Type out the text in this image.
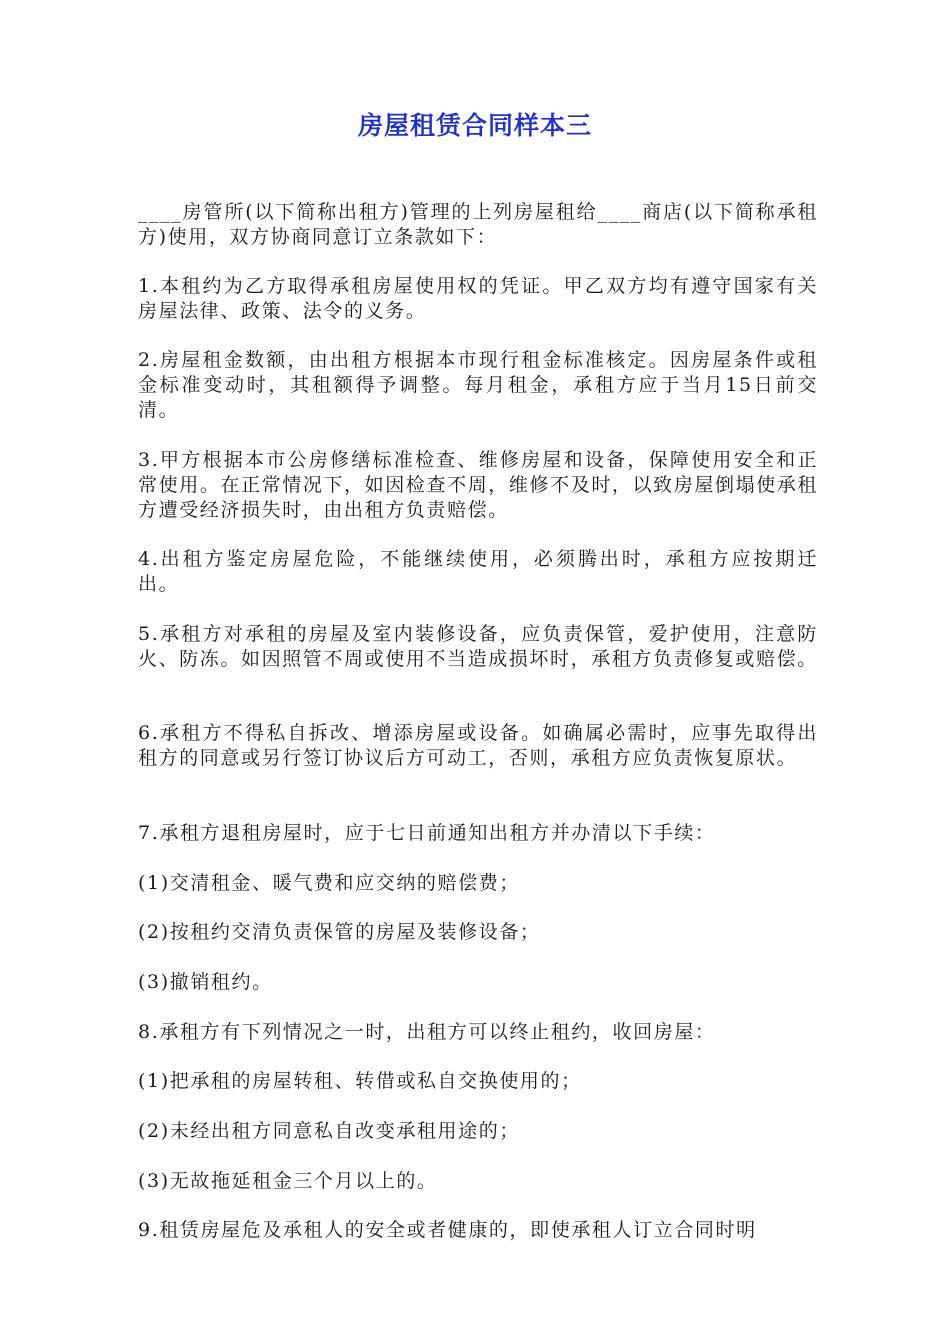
房屋租赁合同样本三

____房管所(以下简称出租方)管理的上列房屋租给____商店(以下简称承租方)使用，双方协商同意订立条款如下：

1.本租约为乙方取得承租房屋使用权的凭证。甲乙双方均有遵守国家有关房屋法律、政策、法令的义务。

2.房屋租金数额，由出租方根据本市现行租金标准核定。因房屋条件或租金标准变动时，其租额得予调整。每月租金，承租方应于当月15日前交清。

3.甲方根据本市公房修缮标准检查、维修房屋和设备，保障使用安全和正常使用。在正常情况下，如因检查不周，维修不及时，以致房屋倒塌使承租方遭受经济损失时，由出租方负责赔偿。

4.出租方鉴定房屋危险，不能继续使用，必须腾出时，承租方应按期迁出。

5.承租方对承租的房屋及室内装修设备，应负责保管，爱护使用，注意防火、防冻。如因照管不周或使用不当造成损坏时，承租方负责修复或赔偿。

6.承租方不得私自拆改、增添房屋或设备。如确属必需时，应事先取得出租方的同意或另行签订协议后方可动工，否则，承租方应负责恢复原状。

7.承租方退租房屋时，应于七日前通知出租方并办清以下手续：

(1)交清租金、暖气费和应交纳的赔偿费；

(2)按租约交清负责保管的房屋及装修设备；

(3)撤销租约。

8.承租方有下列情况之一时，出租方可以终止租约，收回房屋：

(1)把承租的房屋转租、转借或私自交换使用的；

(2)未经出租方同意私自改变承租用途的；

(3)无故拖延租金三个月以上的。

9.租赁房屋危及承租人的安全或者健康的，即使承租人订立合同时明
